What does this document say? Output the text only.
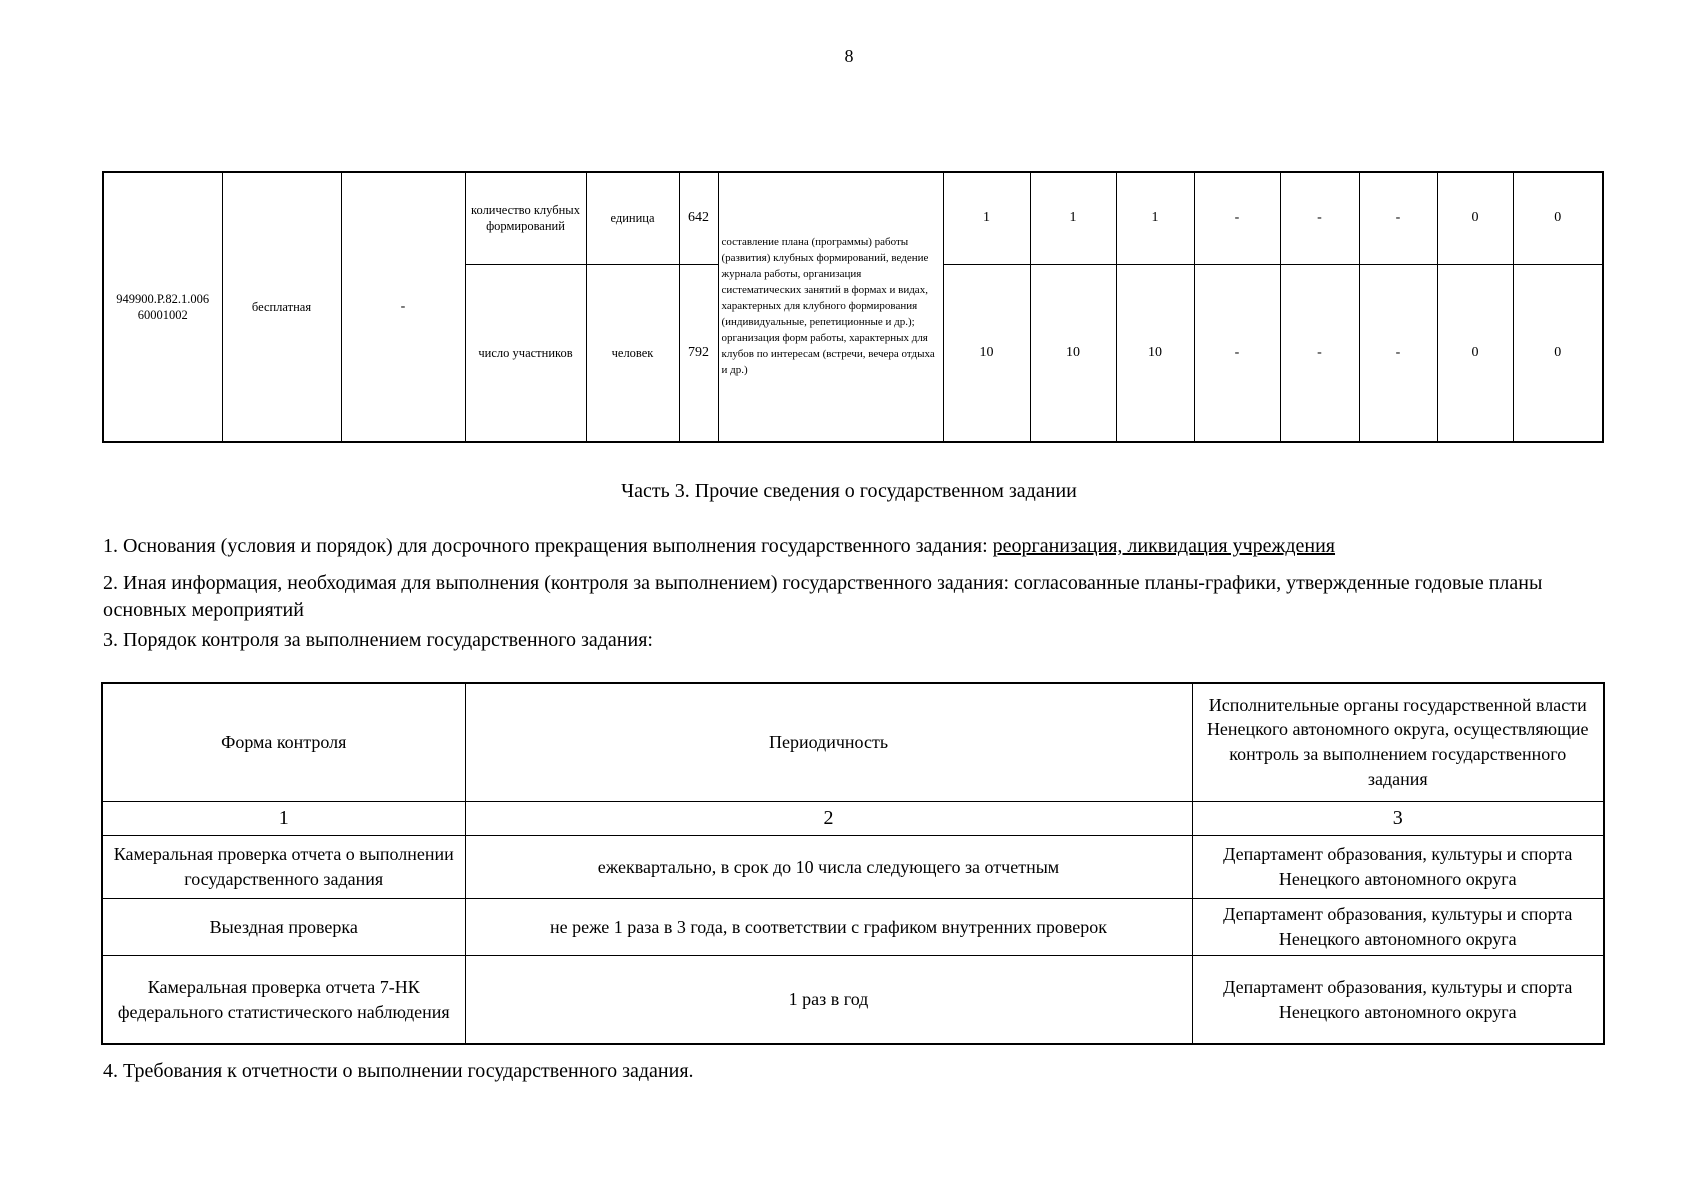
8
949900.Р.82.1.006 60001002	бесплатная	-	количество клубных формирований	единица	642	составление плана (программы) работы (развития) клубных формирований, ведение журнала работы, организация систематических занятий в формах и видах, характерных для клубного формирования (индивидуальные, репетиционные и др.); организация форм работы, характерных для клубов по интересам (встречи, вечера отдыха и др.)	1	1	1	-	-	-	0	0
			число участников	человек	792		10	10	10	-	-	-	0	0
Часть 3. Прочие сведения о государственном задании
1. Основания (условия и порядок) для досрочного прекращения выполнения государственного задания: реорганизация, ликвидация учреждения
2. Иная информация, необходимая для выполнения (контроля за выполнением) государственного задания: согласованные планы-графики, утвержденные годовые планы основных мероприятий
3. Порядок контроля за выполнением государственного задания:
Форма контроля	Периодичность	Исполнительные органы государственной власти Ненецкого автономного округа, осуществляющие контроль за выполнением государственного задания
1	2	3
Камеральная проверка отчета о выполнении государственного задания	ежеквартально, в срок до 10 числа следующего за отчетным	Департамент образования, культуры и спорта Ненецкого автономного округа
Выездная проверка	не реже 1 раза в 3 года, в соответствии с графиком внутренних проверок	Департамент образования, культуры и спорта Ненецкого автономного округа
Камеральная проверка отчета 7-НК федерального статистического наблюдения	1 раз в год	Департамент образования, культуры и спорта Ненецкого автономного округа
4. Требования к отчетности о выполнении государственного задания.
